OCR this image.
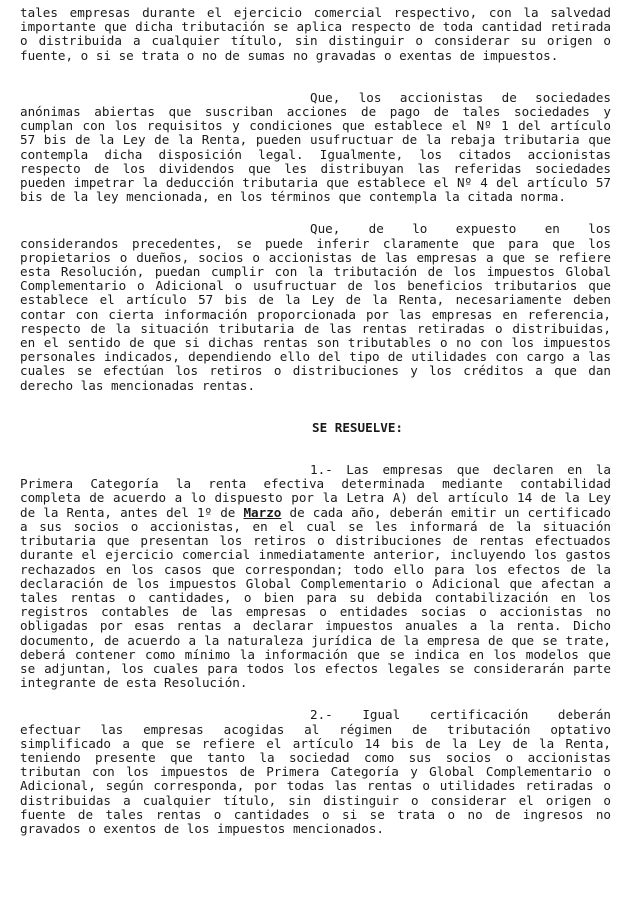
tales empresas durante el ejercicio comercial respectivo, con la salvedad importante que dicha tributación se aplica respecto de toda cantidad retirada o distribuida a cualquier título, sin distinguir o considerar su origen o fuente, o si se trata o no de sumas no gravadas o exentas de impuestos.

Que, los accionistas de sociedades anónimas abiertas que suscriban acciones de pago de tales sociedades y cumplan con los requisitos y condiciones que establece el Nº 1 del artículo 57 bis de la Ley de la Renta, pueden usufructuar de la rebaja tributaria que contempla dicha disposición legal. Igualmente, los citados accionistas respecto de los dividendos que les distribuyan las referidas sociedades pueden impetrar la deducción tributaria que establece el Nº 4 del artículo 57 bis de la ley mencionada, en los términos que contempla la citada norma.

Que, de lo expuesto en los considerandos precedentes, se puede inferir claramente que para que los propietarios o dueños, socios o accionistas de las empresas a que se refiere esta Resolución, puedan cumplir con la tributación de los impuestos Global Complementario o Adicional o usufructuar de los beneficios tributarios que establece el artículo 57 bis de la Ley de la Renta, necesariamente deben contar con cierta información proporcionada por las empresas en referencia, respecto de la situación tributaria de las rentas retiradas o distribuidas, en el sentido de que si dichas rentas son tributables o no con los impuestos personales indicados, dependiendo ello del tipo de utilidades con cargo a las cuales se efectúan los retiros o distribuciones y los créditos a que dan derecho las mencionadas rentas.

SE RESUELVE:

1.- Las empresas que declaren en la Primera Categoría la renta efectiva determinada mediante contabilidad completa de acuerdo a lo dispuesto por la Letra A) del artículo 14 de la Ley de la Renta, antes del 1º de Marzo de cada año, deberán emitir un certificado a sus socios o accionistas, en el cual se les informará de la situación tributaria que presentan los retiros o distribuciones de rentas efectuados durante el ejercicio comercial inmediatamente anterior, incluyendo los gastos rechazados en los casos que correspondan; todo ello para los efectos de la declaración de los impuestos Global Complementario o Adicional que afectan a tales rentas o cantidades, o bien para su debida contabilización en los registros contables de las empresas o entidades socias o accionistas no obligadas por esas rentas a declarar impuestos anuales a la renta. Dicho documento, de acuerdo a la naturaleza jurídica de la empresa de que se trate, deberá contener como mínimo la información que se indica en los modelos que se adjuntan, los cuales para todos los efectos legales se considerarán parte integrante de esta Resolución.

2.- Igual certificación deberán efectuar las empresas acogidas al régimen de tributación optativo simplificado a que se refiere el artículo 14 bis de la Ley de la Renta, teniendo presente que tanto la sociedad como sus socios o accionistas tributan con los impuestos de Primera Categoría y Global Complementario o Adicional, según corresponda, por todas las rentas o utilidades retiradas o distribuidas a cualquier título, sin distinguir o considerar el origen o fuente de tales rentas o cantidades o si se trata o no de ingresos no gravados o exentos de los impuestos mencionados.
